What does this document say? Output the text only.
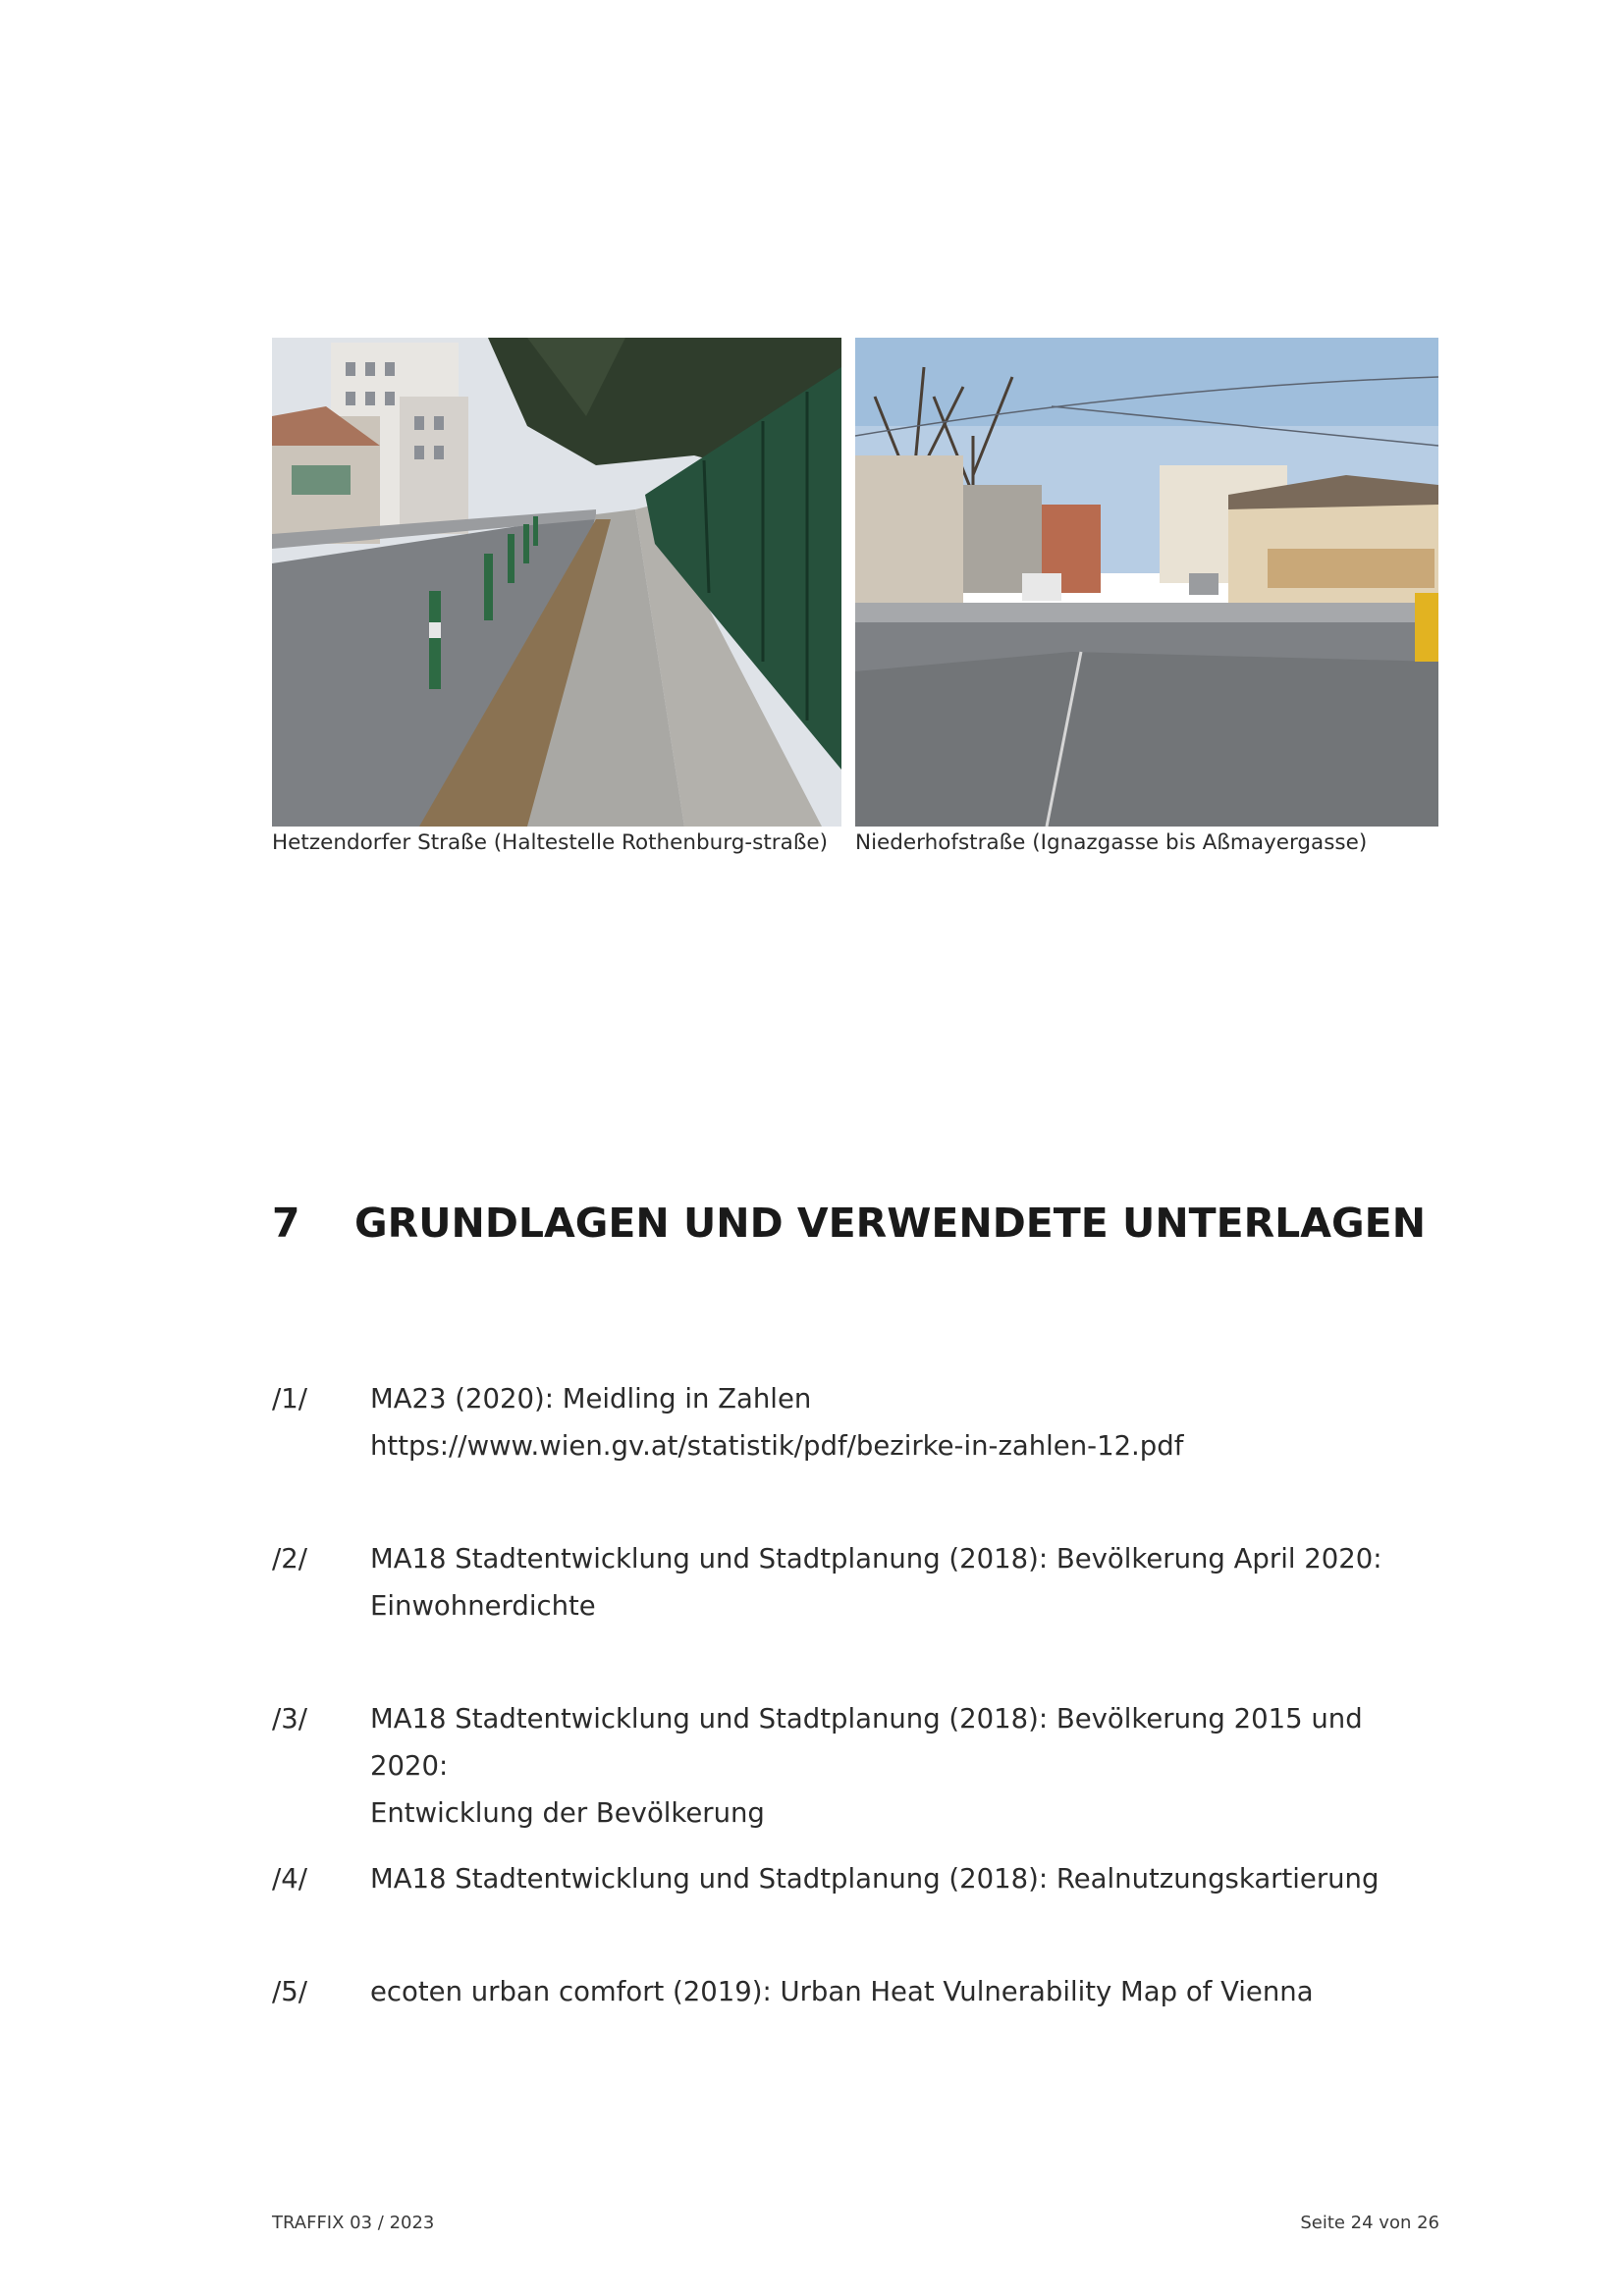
Hetzendorfer Straße (Haltestelle Rothenburg-straße)	Niederhofstraße (Ignazgasse bis Aßmayergasse)
7 GRUNDLAGEN UND VERWENDETE UNTERLAGEN
/1/ MA23 (2020): Meidling in Zahlen
https://www.wien.gv.at/statistik/pdf/bezirke-in-zahlen-12.pdf
/2/ MA18 Stadtentwicklung und Stadtplanung (2018): Bevölkerung April 2020:
Einwohnerdichte
/3/ MA18 Stadtentwicklung und Stadtplanung (2018): Bevölkerung 2015 und 2020:
Entwicklung der Bevölkerung
/4/ MA18 Stadtentwicklung und Stadtplanung (2018): Realnutzungskartierung
/5/ ecoten urban comfort (2019): Urban Heat Vulnerability Map of Vienna
TRAFFIX 03 / 2023	Seite 24 von 26
